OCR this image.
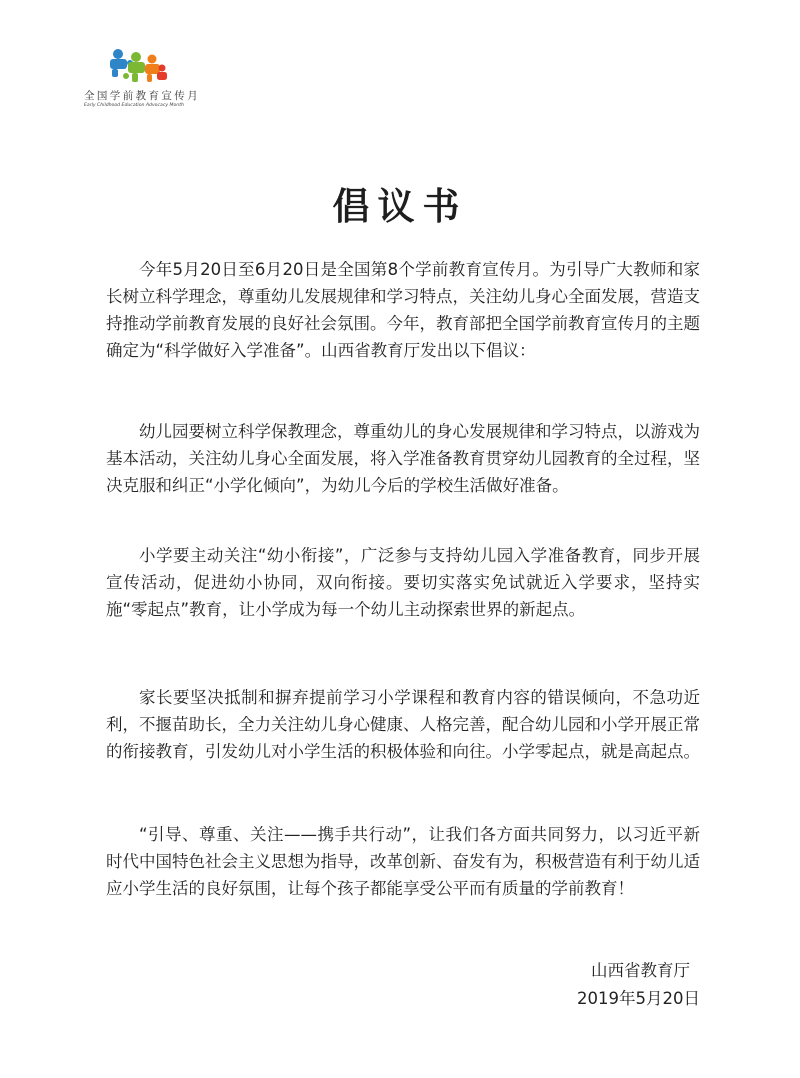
全国学前教育宣传月
Early Childhood Education Advocacy Month
倡议书

今年5月20日至6月20日是全国第8个学前教育宣传月。为引导广大教师和家长树立科学理念，尊重幼儿发展规律和学习特点，关注幼儿身心全面发展，营造支持推动学前教育发展的良好社会氛围。今年，教育部把全国学前教育宣传月的主题确定为“科学做好入学准备”。山西省教育厅发出以下倡议：

幼儿园要树立科学保教理念，尊重幼儿的身心发展规律和学习特点，以游戏为基本活动，关注幼儿身心全面发展，将入学准备教育贯穿幼儿园教育的全过程，坚决克服和纠正“小学化倾向”，为幼儿今后的学校生活做好准备。

小学要主动关注“幼小衔接”，广泛参与支持幼儿园入学准备教育，同步开展宣传活动，促进幼小协同，双向衔接。要切实落实免试就近入学要求，坚持实施“零起点”教育，让小学成为每一个幼儿主动探索世界的新起点。

家长要坚决抵制和摒弃提前学习小学课程和教育内容的错误倾向，不急功近利，不揠苗助长，全力关注幼儿身心健康、人格完善，配合幼儿园和小学开展正常的衔接教育，引发幼儿对小学生活的积极体验和向往。小学零起点，就是高起点。

“引导、尊重、关注——携手共行动”，让我们各方面共同努力，以习近平新时代中国特色社会主义思想为指导，改革创新、奋发有为，积极营造有利于幼儿适应小学生活的良好氛围，让每个孩子都能享受公平而有质量的学前教育！

山西省教育厅
2019年5月20日
